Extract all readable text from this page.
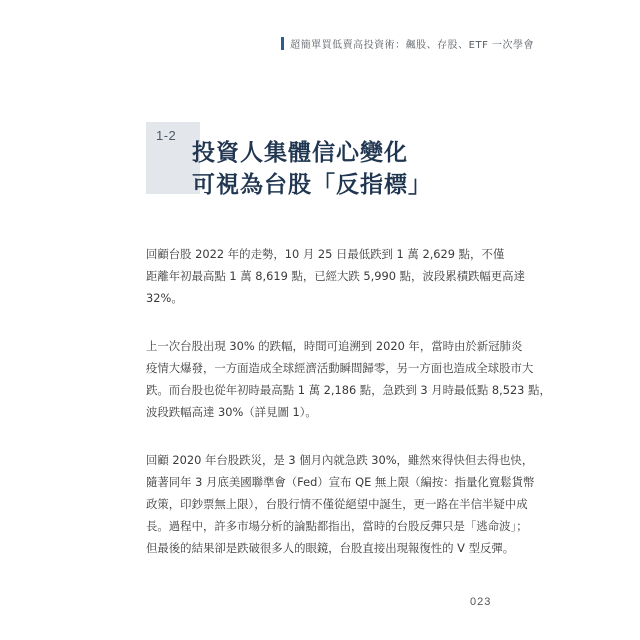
超簡單買低賣高投資術：飆股、存股、ETF 一次學會
1-2
投資人集體信心變化
可視為台股「反指標」

回顧台股 2022 年的走勢，10 月 25 日最低跌到 1 萬 2,629 點，不僅
距離年初最高點 1 萬 8,619 點，已經大跌 5,990 點，波段累積跌幅更高達
32%。

上一次台股出現 30% 的跌幅，時間可追溯到 2020 年，當時由於新冠肺炎
疫情大爆發，一方面造成全球經濟活動瞬間歸零，另一方面也造成全球股市大
跌。而台股也從年初時最高點 1 萬 2,186 點，急跌到 3 月時最低點 8,523 點，
波段跌幅高達 30%（詳見圖 1）。

回顧 2020 年台股跌災，是 3 個月內就急跌 30%，雖然來得快但去得也快，
隨著同年 3 月底美國聯準會（Fed）宣布 QE 無上限（編按：指量化寬鬆貨幣
政策，印鈔票無上限），台股行情不僅從絕望中誕生，更一路在半信半疑中成
長。過程中，許多市場分析的論點都指出，當時的台股反彈只是「逃命波」；
但最後的結果卻是跌破很多人的眼鏡，台股直接出現報復性的 V 型反彈。

023
